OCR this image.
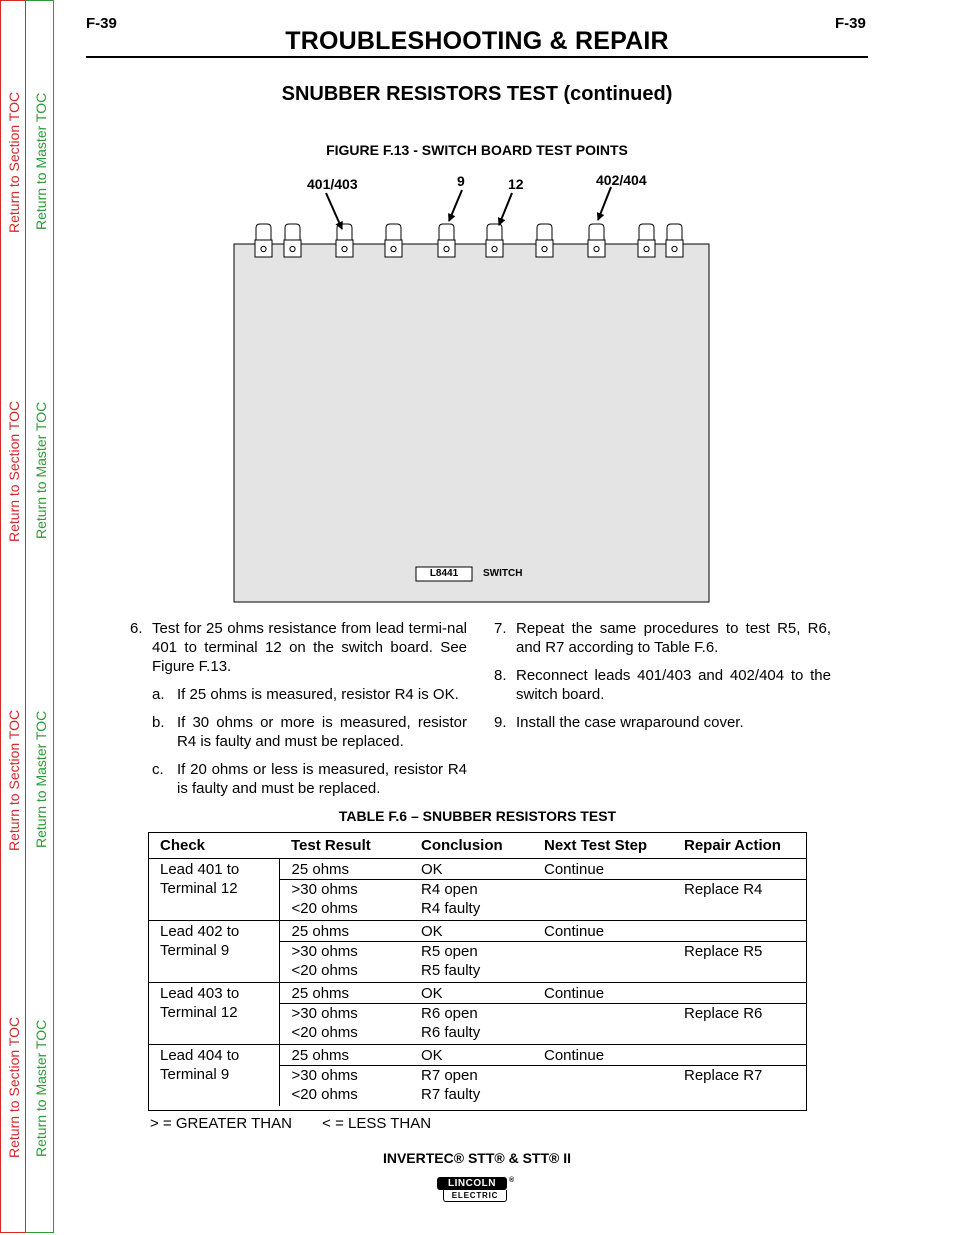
Return to Section TOC Return to Master TOC
Return to Section TOC Return to Master TOC
Return to Section TOC Return to Master TOC
Return to Section TOC Return to Master TOC
F-39	F-39
TROUBLESHOOTING & REPAIR
SNUBBER RESISTORS TEST (continued)
FIGURE F.13 - SWITCH BOARD TEST POINTS
401/403	9	12	402/404
L8441	SWITCH
6. Test for 25 ohms resistance from lead termi-nal 401 to terminal 12 on the switch board. See Figure F.13.
a. If 25 ohms is measured, resistor R4 is OK.
b. If 30 ohms or more is measured, resistor R4 is faulty and must be replaced.
c. If 20 ohms or less is measured, resistor R4 is faulty and must be replaced.
7. Repeat the same procedures to test R5, R6, and R7 according to Table F.6.
8. Reconnect leads 401/403 and 402/404 to the switch board.
9. Install the case wraparound cover.
TABLE F.6 – SNUBBER RESISTORS TEST
Check	Test Result	Conclusion	Next Test Step	Repair Action
Lead 401 to Terminal 12	25 ohms	OK	Continue	
	>30 ohms	R4 open		Replace R4
	<20 ohms	R4 faulty		
Lead 402 to Terminal 9	25 ohms	OK	Continue	
	>30 ohms	R5 open		Replace R5
	<20 ohms	R5 faulty		
Lead 403 to Terminal 12	25 ohms	OK	Continue	
	>30 ohms	R6 open		Replace R6
	<20 ohms	R6 faulty		
Lead 404 to Terminal 9	25 ohms	OK	Continue	
	>30 ohms	R7 open		Replace R7
	<20 ohms	R7 faulty		
> = GREATER THAN < = LESS THAN
INVERTEC® STT® & STT® II
LINCOLN	®
ELECTRIC
